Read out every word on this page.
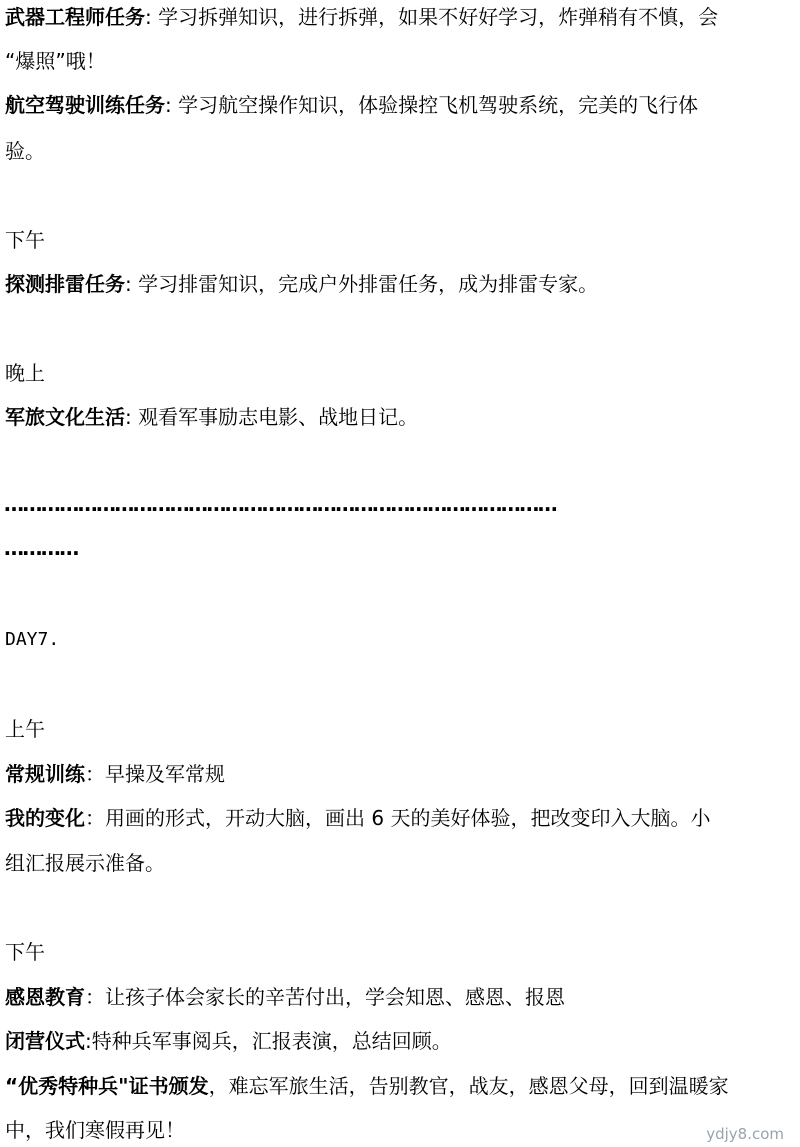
武器工程师任务: 学习拆弹知识，进行拆弹，如果不好好学习，炸弹稍有不慎，会
“爆照”哦！
航空驾驶训练任务: 学习航空操作知识，体验操控飞机驾驶系统，完美的飞行体
验。
下午
探测排雷任务: 学习排雷知识，完成户外排雷任务，成为排雷专家。
晚上
军旅文化生活: 观看军事励志电影、战地日记。
………………………………………………………………………………
…………
DAY7.
上午
常规训练：早操及军常规
我的变化：用画的形式，开动大脑，画出 6 天的美好体验，把改变印入大脑。小
组汇报展示准备。
下午
感恩教育：让孩子体会家长的辛苦付出，学会知恩、感恩、报恩
闭营仪式:特种兵军事阅兵，汇报表演，总结回顾。
“优秀特种兵"证书颁发，难忘军旅生活，告别教官，战友，感恩父母，回到温暖家
中，我们寒假再见！	ydjy8.com
